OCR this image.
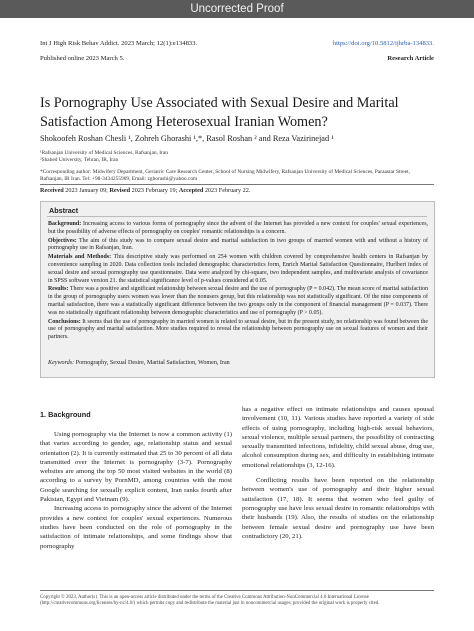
Uncorrected Proof
Int J High Risk Behav Addict. 2023 March; 12(1):e134833.	https://doi.org/10.5812/ijhrba-134833.
Published online 2023 March 5.	Research Article
Is Pornography Use Associated with Sexual Desire and Marital Satisfaction Among Heterosexual Iranian Women?
Shokoofeh Roshan Chesli ¹, Zohreh Ghorashi ¹,*, Rasol Roshan ² and Reza Vazirinejad ¹
¹Rafsanjan University of Medical Sciences, Rafsanjan, Iran
²Shahed University, Tehran, IR, Iran
*Corresponding author: Midwifery Department, Geriatric Care Research Center, School of Nursing Midwifery, Rafsanjan University of Medical Sciences, Paraastar Street,
Rafsanjan, IR Iran. Tel: +98-3434255909, Email: zghorashi@yahoo.com
Received 2023 January 09; Revised 2023 February 19; Accepted 2023 February 22.
Abstract

Background: Increasing access to various forms of pornography since the advent of the Internet has provided a new context for couples' sexual experiences, but the possibility of adverse effects of pornography on couples' romantic relationships is a concern.

Objectives: The aim of this study was to compare sexual desire and marital satisfaction in two groups of married women with and without a history of pornography use in Rafsanjan, Iran.

Materials and Methods: This descriptive study was performed on 254 women with children covered by comprehensive health centers in Rafsanjan by convenience sampling in 2020. Data collection tools included demographic characteristics form, Enrich Marital Satisfaction Questionnaire, Hurlbert index of sexual desire and sexual pornography use questionnaire. Data were analyzed by chi-square, two independent samples, and multivariate analysis of covariance in SPSS software version 21. the statistical significance level of p-values considered at 0.05.

Results: There was a positive and significant relationship between sexual desire and the use of pornography (P = 0.042). The mean score of marital satisfaction in the group of pornography users women was lower than the nonusers group, but this relationship was not statistically significant. Of the nine components of marital satisfaction, there was a statistically significant difference between the two groups only in the component of financial management (P = 0.037). There was no statistically significant relationship between demographic characteristics and use of pornography (P > 0.05).

Conclusions: It seems that the use of pornography in married women is related to sexual desire, but in the present study, no relationship was found between the use of pornography and marital satisfaction. More studies required to reveal the relationship between pornography use on sexual features of women and their partners.

Keywords: Pornography, Sexual Desire, Marital Satisfaction, Women, Iran
1. Background

Using pornography via the Internet is now a common activity (1) that varies according to gender, age, relationship status and sexual orientation (2). It is currently estimated that 25 to 30 percent of all data transmitted over the Internet is pornography (3-7). Pornography websites are among the top 50 most visited websites in the world (8) according to a survey by PornMD, among countries with the most Google searching for sexually explicit content, Iran ranks fourth after Pakistan, Egypt and Vietnam (9).

Increasing access to pornography since the advent of the Internet provides a new context for couples' sexual experiences. Numerous studies have been conducted on the role of pornography in the satisfaction of intimate relationships, and some findings show that pornography

has a negative effect on intimate relationships and causes spousal involvement (10, 11). Various studies have reported a variety of side effects of using pornography, including high-risk sexual behaviors, sexual violence, multiple sexual partners, the possibility of contracting sexually transmitted infections, infidelity, child sexual abuse, drug use, alcohol consumption during sex, and difficulty in establishing intimate emotional relationships (3, 12-16).

Conflicting results have been reported on the relationship between women's use of pornography and their higher sexual satisfaction (17, 18). It seems that women who feel guilty of pornography use have less sexual desire in romantic relationships with their husbands (19). Also, the results of studies on the relationship between female sexual desire and pornography use have been contradictory (20, 21).

Copyright © 2023, Author(s). This is an open-access article distributed under the terms of the Creative Commons Attribution-NonCommercial 4.0 International License (http://creativecommons.org/licenses/by-nc/4.0/) which permits copy and redistribute the material just in noncommercial usages, provided the original work is properly cited.
